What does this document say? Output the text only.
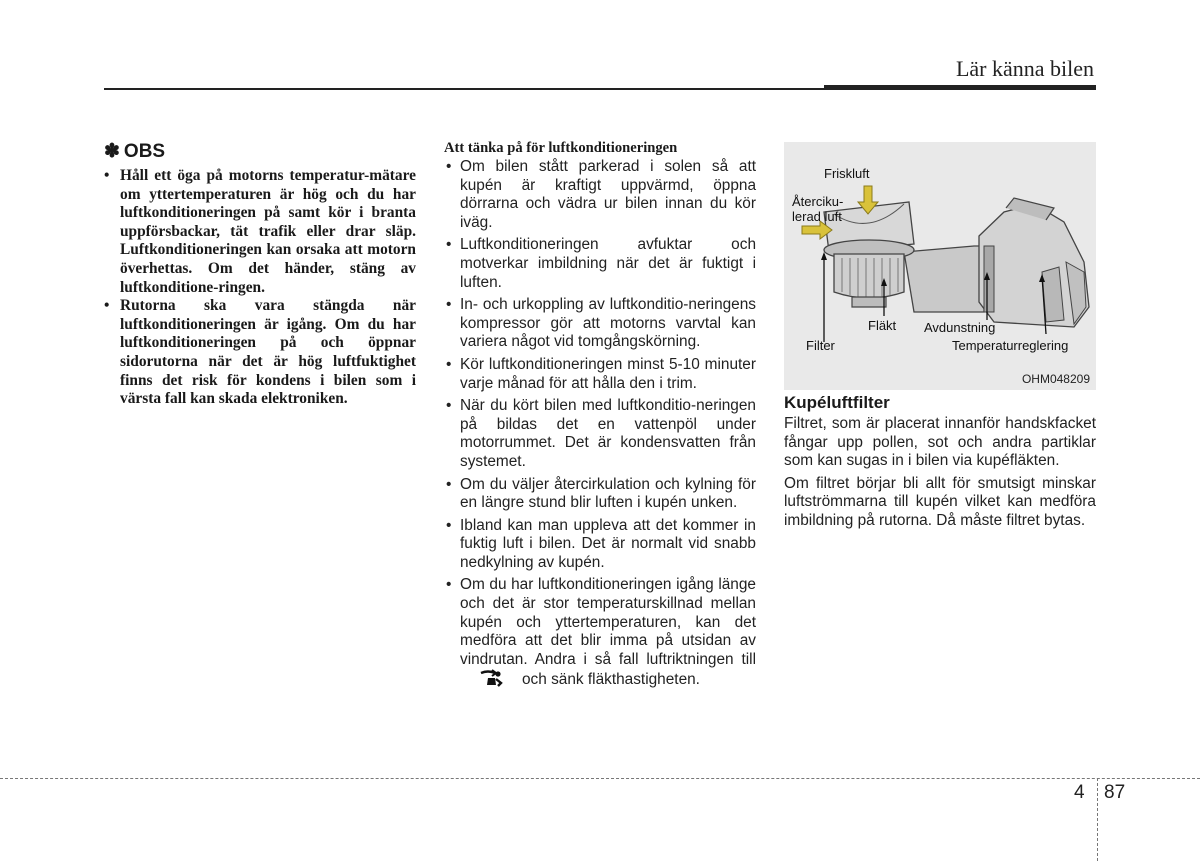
Lär känna bilen
✽ OBS
• Håll ett öga på motorns temperatur-mätare om yttertemperaturen är hög och du har luftkonditioneringen på samt kör i branta uppförsbackar, tät trafik eller drar släp. Luftkonditioneringen kan orsaka att motorn överhettas. Om det händer, stäng av luftkonditione-ringen.
• Rutorna ska vara stängda när luftkonditioneringen är igång. Om du har luftkonditioneringen på och öppnar sidorutorna när det är hög luftfuktighet finns det risk för kondens i bilen som i värsta fall kan skada elektroniken.
Att tänka på för luftkonditioneringen
• Om bilen stått parkerad i solen så att kupén är kraftigt uppvärmd, öppna dörrarna och vädra ur bilen innan du kör iväg.
• Luftkonditioneringen avfuktar och motverkar imbildning när det är fuktigt i luften.
• In- och urkoppling av luftkonditio-neringens kompressor gör att motorns varvtal kan variera något vid tomgångskörning.
• Kör luftkonditioneringen minst 5-10 minuter varje månad för att hålla den i trim.
• När du kört bilen med luftkonditio-neringen på bildas det en vattenpöl under motorrummet. Det är kondensvatten från systemet.
• Om du väljer återcirkulation och kylning för en längre stund blir luften i kupén unken.
• Ibland kan man uppleva att det kommer in fuktig luft i bilen. Det är normalt vid snabb nedkylning av kupén.
• Om du har luftkonditioneringen igång länge och det är stor temperaturskillnad mellan kupén och yttertemperaturen, kan det medföra att det blir imma på utsidan av vindrutan. Andra i så fall luftriktningen tilloch sänk fläkthastigheten.
Friskluft
Återciku-
lerad luft
Fläkt Avdunstning
Filter	Temperaturreglering
OHM048209
Kupéluftfilter

Filtret, som är placerat innanför handskfacket fångar upp pollen, sot och andra partiklar som kan sugas in i bilen via kupéfläkten.

Om filtret börjar bli allt för smutsigt minskar luftströmmarna till kupén vilket kan medföra imbildning på rutorna. Då måste filtret bytas.

4 87
